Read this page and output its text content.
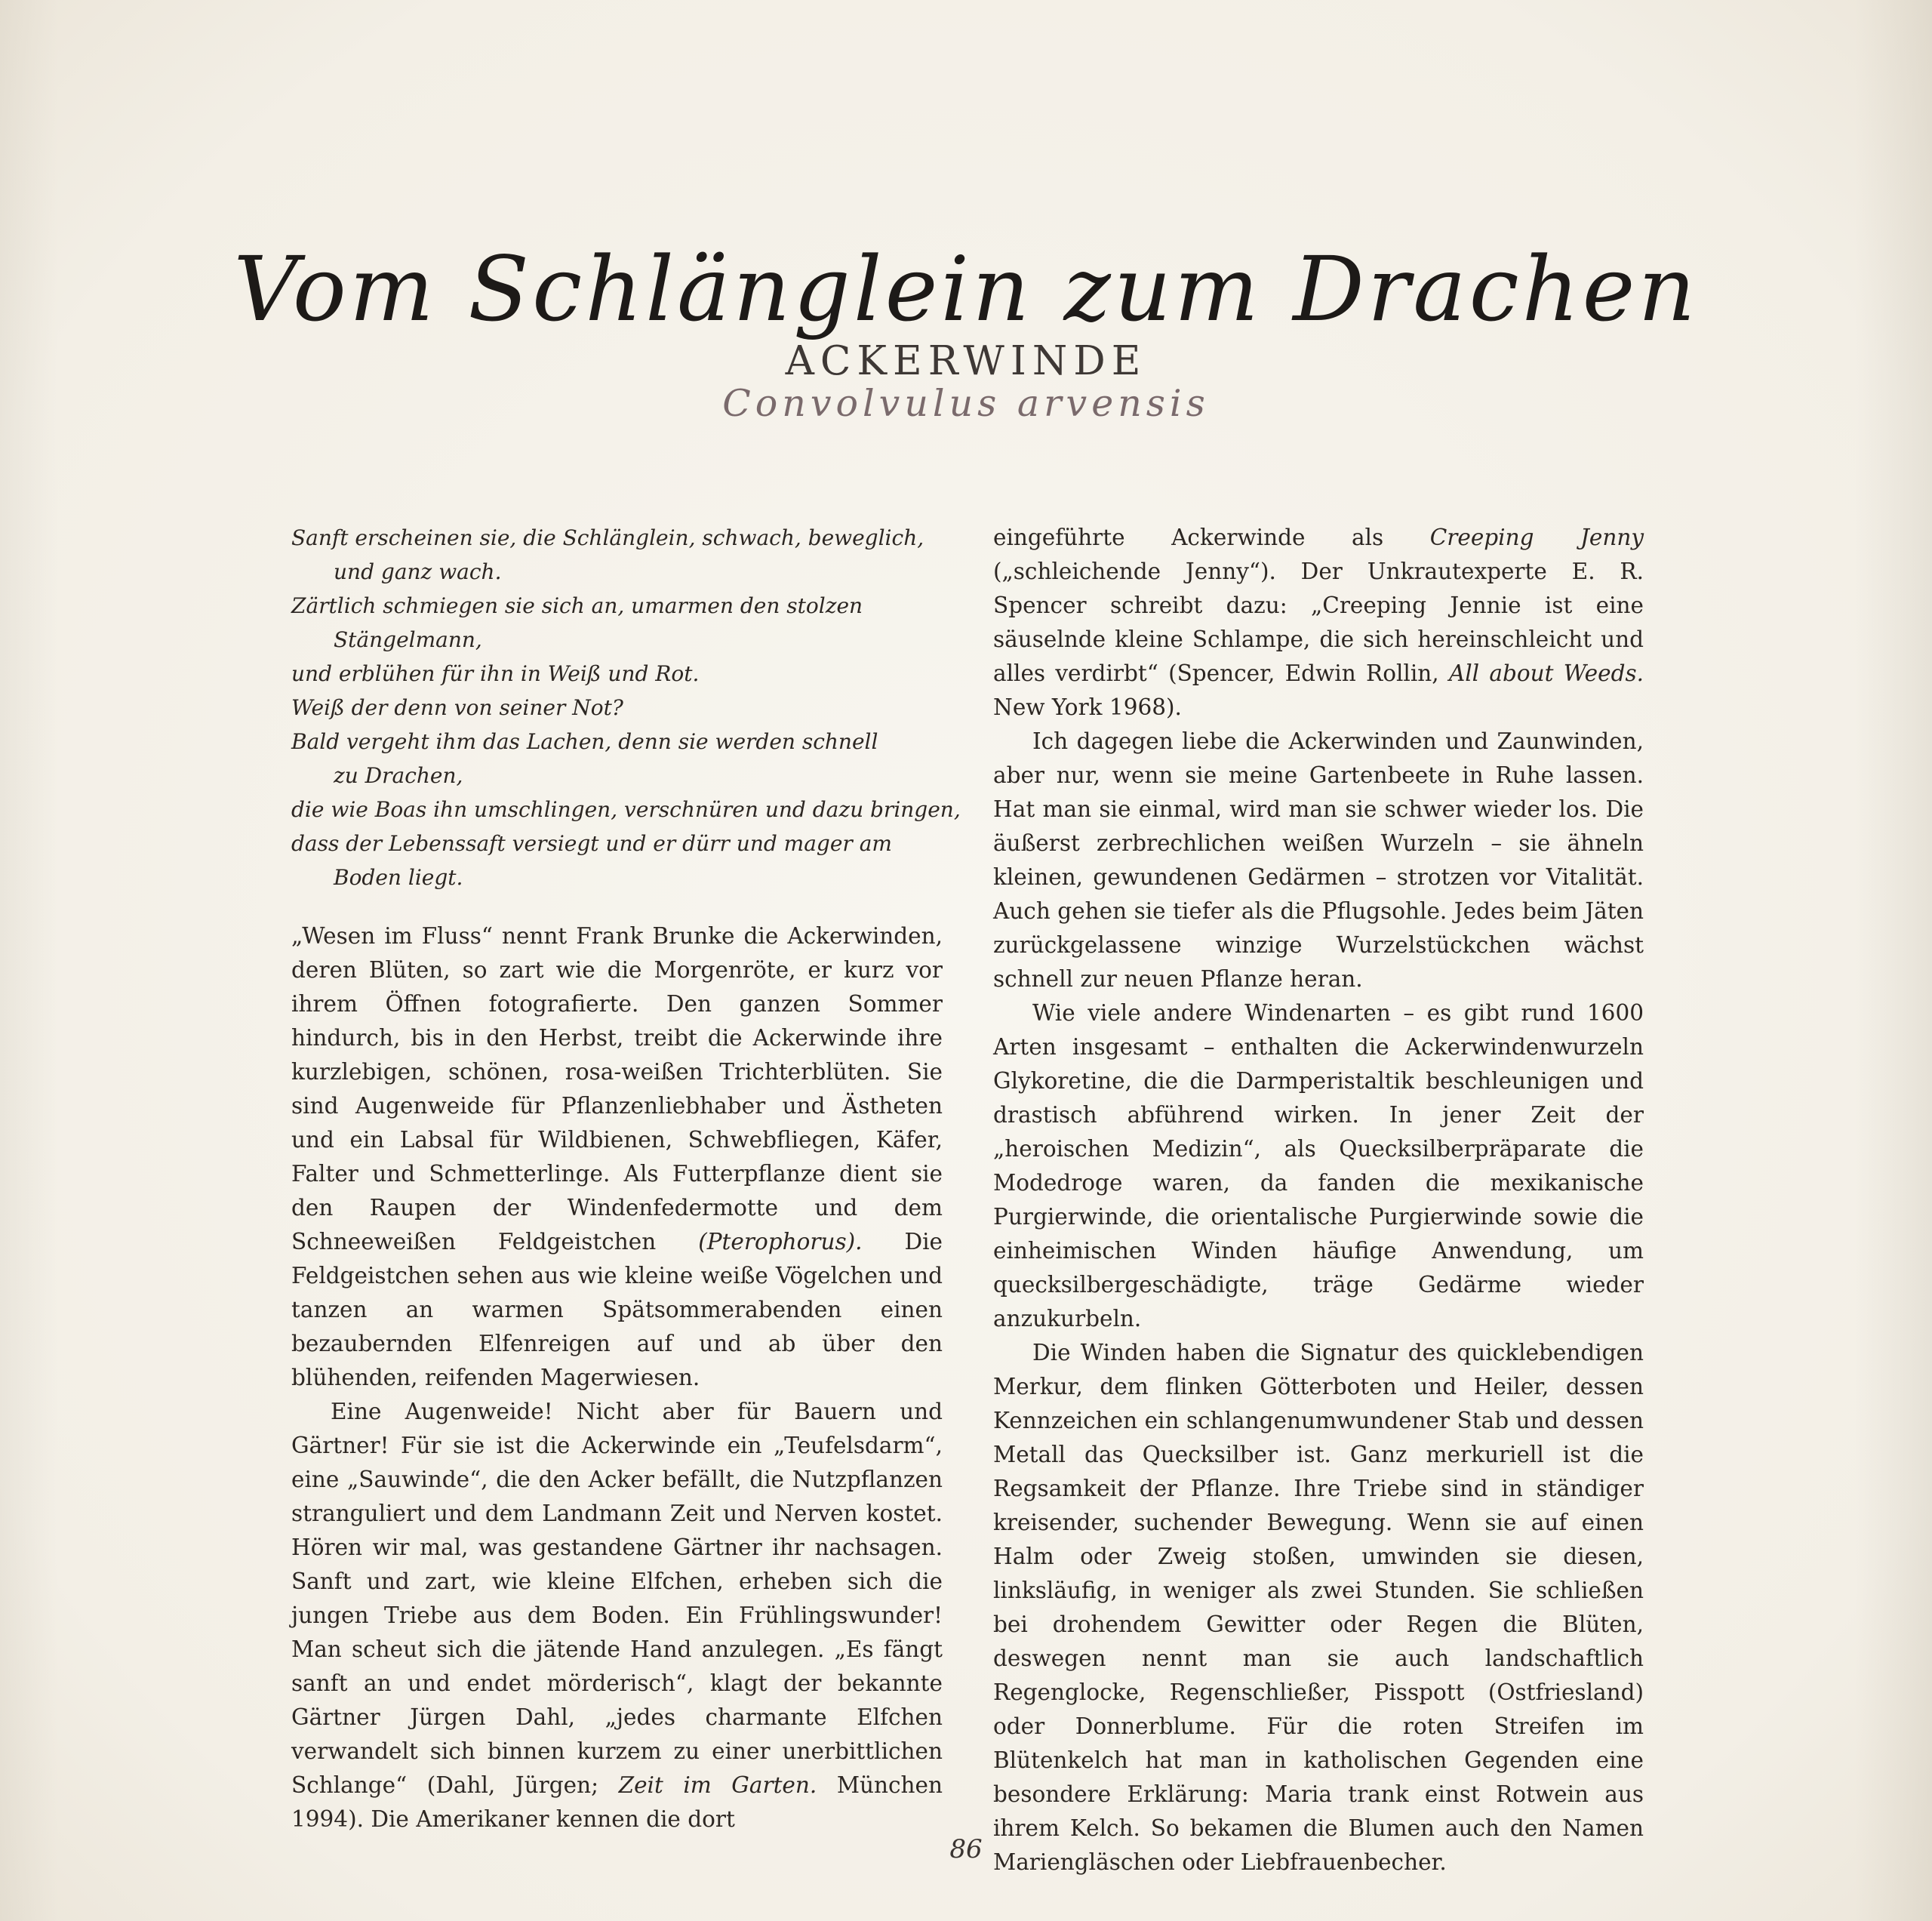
Vom Schlänglein zum Drachen
ACKERWINDE
Convolvulus arvensis
Sanft erscheinen sie, die Schlänglein, schwach, beweglich,
und ganz wach.
Zärtlich schmiegen sie sich an, umarmen den stolzen
Stängelmann,
und erblühen für ihn in Weiß und Rot.
Weiß der denn von seiner Not?
Bald vergeht ihm das Lachen, denn sie werden schnell
zu Drachen,
die wie Boas ihn umschlingen, verschnüren und dazu bringen,
dass der Lebenssaft versiegt und er dürr und mager am
Boden liegt.

„Wesen im Fluss“ nennt Frank Brunke die Ackerwinden, deren Blüten, so zart wie die Morgenröte, er kurz vor ihrem Öffnen fotografierte. Den ganzen Sommer hindurch, bis in den Herbst, treibt die Ackerwinde ihre kurzlebigen, schönen, rosa-weißen Trichterblüten. Sie sind Augenweide für Pflanzenliebhaber und Ästheten und ein Labsal für Wildbienen, Schwebfliegen, Käfer, Falter und Schmetterlinge. Als Futterpflanze dient sie den Raupen der Windenfedermotte und dem Schneeweißen Feldgeistchen (Pterophorus). Die Feldgeistchen sehen aus wie kleine weiße Vögelchen und tanzen an warmen Spätsommerabenden einen bezaubernden Elfenreigen auf und ab über den blühenden, reifenden Magerwiesen.

Eine Augenweide! Nicht aber für Bauern und Gärtner! Für sie ist die Ackerwinde ein „Teufelsdarm“, eine „Sauwinde“, die den Acker befällt, die Nutzpflanzen stranguliert und dem Landmann Zeit und Nerven kostet. Hören wir mal, was gestandene Gärtner ihr nachsagen. Sanft und zart, wie kleine Elfchen, erheben sich die jungen Triebe aus dem Boden. Ein Frühlingswunder! Man scheut sich die jätende Hand anzulegen. „Es fängt sanft an und endet mörderisch“, klagt der bekannte Gärtner Jürgen Dahl, „jedes charmante Elfchen verwandelt sich binnen kurzem zu einer unerbittlichen Schlange“ (Dahl, Jürgen; Zeit im Garten. München 1994). Die Amerikaner kennen die dort

eingeführte Ackerwinde als Creeping Jenny („schleichende Jenny“). Der Unkrautexperte E. R. Spencer schreibt dazu: „Creeping Jennie ist eine säuselnde kleine Schlampe, die sich hereinschleicht und alles verdirbt“ (Spencer, Edwin Rollin, All about Weeds. New York 1968).

Ich dagegen liebe die Ackerwinden und Zaunwinden, aber nur, wenn sie meine Gartenbeete in Ruhe lassen. Hat man sie einmal, wird man sie schwer wieder los. Die äußerst zerbrechlichen weißen Wurzeln – sie ähneln kleinen, gewundenen Gedärmen – strotzen vor Vitalität. Auch gehen sie tiefer als die Pflugsohle. Jedes beim Jäten zurückgelassene winzige Wurzelstückchen wächst schnell zur neuen Pflanze heran.

Wie viele andere Windenarten – es gibt rund 1600 Arten insgesamt – enthalten die Ackerwindenwurzeln Glykoretine, die die Darmperistaltik beschleunigen und drastisch abführend wirken. In jener Zeit der „heroischen Medizin“, als Quecksilberpräparate die Modedroge waren, da fanden die mexikanische Purgierwinde, die orientalische Purgierwinde sowie die einheimischen Winden häufige Anwendung, um quecksilbergeschädigte, träge Gedärme wieder anzukurbeln.

Die Winden haben die Signatur des quicklebendigen Merkur, dem flinken Götterboten und Heiler, dessen Kennzeichen ein schlangenumwundener Stab und dessen Metall das Quecksilber ist. Ganz merkuriell ist die Regsamkeit der Pflanze. Ihre Triebe sind in ständiger kreisender, suchender Bewegung. Wenn sie auf einen Halm oder Zweig stoßen, umwinden sie diesen, linksläufig, in weniger als zwei Stunden. Sie schließen bei drohendem Gewitter oder Regen die Blüten, deswegen nennt man sie auch landschaftlich Regenglocke, Regenschließer, Pisspott (Ostfriesland) oder Donnerblume. Für die roten Streifen im Blütenkelch hat man in katholischen Gegenden eine besondere Erklärung: Maria trank einst Rotwein aus ihrem Kelch. So bekamen die Blumen auch den Namen Mariengläschen oder Liebfrauenbecher.

86
